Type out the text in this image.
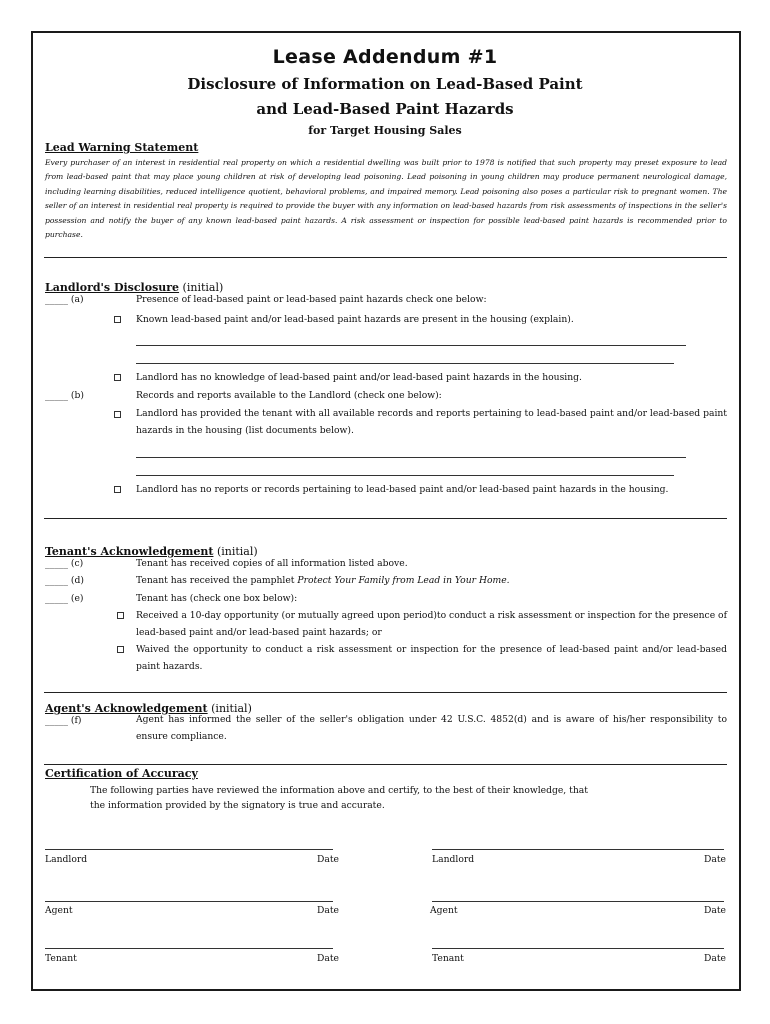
Lease Addendum #1
Disclosure of Information on Lead-Based Paint
and Lead-Based Paint Hazards
for Target Housing Sales
Lead Warning Statement
Every purchaser of an interest in residential real property on which a residential dwelling was built prior to 1978 is notified that such property may preset exposure to lead from lead-based paint that may place young children at risk of developing lead poisoning. Lead poisoning in young children may produce permanent neurological damage, including learning disabilities, reduced intelligence quotient, behavioral problems, and impaired memory. Lead poisoning also poses a particular risk to pregnant women. The seller of an interest in residential real property is required to provide the buyer with any information on lead-based hazards from risk assessments of inspections in the seller's possession and notify the buyer of any known lead-based paint hazards. A risk assessment or inspection for possible lead-based paint hazards is recommended prior to purchase.
Landlord's Disclosure (initial)
_____ (a)	Presence of lead-based paint or lead-based paint hazards check one below:
Known lead-based paint and/or lead-based paint hazards are present in the housing (explain).
Landlord has no knowledge of lead-based paint and/or lead-based paint hazards in the housing.
_____ (b)	Records and reports available to the Landlord (check one below):
Landlord has provided the tenant with all available records and reports pertaining to lead-based paint and/or lead-based paint hazards in the housing (list documents below).
Landlord has no reports or records pertaining to lead-based paint and/or lead-based paint hazards in the housing.
Tenant's Acknowledgement (initial)
_____ (c)	Tenant has received copies of all information listed above.
_____ (d)	Tenant has received the pamphlet Protect Your Family from Lead in Your Home.
_____ (e)	Tenant has (check one box below):
Received a 10-day opportunity (or mutually agreed upon period)to conduct a risk assessment or inspection for the presence of lead-based paint and/or lead-based paint hazards; or
Waived the opportunity to conduct a risk assessment or inspection for the presence of lead-based paint and/or lead-based paint hazards.
Agent's Acknowledgement (initial)
_____ (f)	Agent has informed the seller of the seller's obligation under 42 U.S.C. 4852(d) and is aware of his/her responsibility to ensure compliance.
Certification of Accuracy
The following parties have reviewed the information above and certify, to the best of their knowledge, that
the information provided by the signatory is true and accurate.
Landlord	Date	Landlord	Date
Agent	Date	Agent	Date
Tenant	Date	Tenant	Date
